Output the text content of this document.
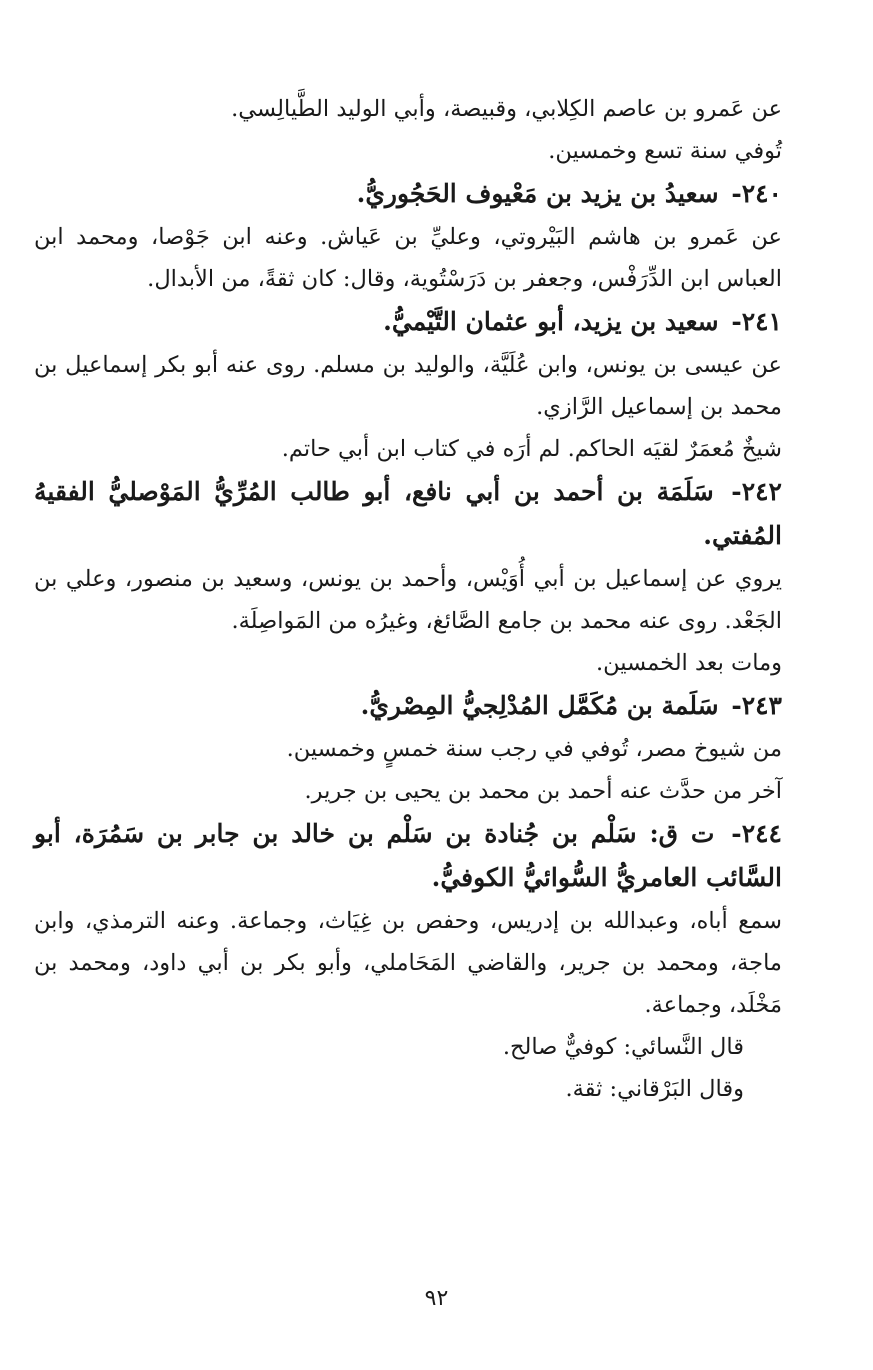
عن عَمرو بن عاصم الكِلابي، وقبيصة، وأبي الوليد الطَّيالِسي.

تُوفي سنة تسع وخمسين.

٢٤٠- سعيدُ بن يزيد بن مَعْيوف الحَجُوريُّ.

عن عَمرو بن هاشم البَيْروتي، وعليِّ بن عَياش. وعنه ابن جَوْصا، ومحمد ابن العباس ابن الدِّرَفْس، وجعفر بن دَرَسْتُوية، وقال: كان ثقةً، من الأبدال.

٢٤١- سعيد بن يزيد، أبو عثمان التَّيْميُّ.

عن عيسى بن يونس، وابن عُلَيَّة، والوليد بن مسلم. روى عنه أبو بكر إسماعيل بن محمد بن إسماعيل الرَّازي.

شيخٌ مُعمَرٌ لقيَه الحاكم. لم أرَه في كتاب ابن أبي حاتم.

٢٤٢- سَلَمَة بن أحمد بن أبي نافع، أبو طالب المُرِّيُّ المَوْصليُّ الفقيهُ المُفتي.

يروي عن إسماعيل بن أبي أُوَيْس، وأحمد بن يونس، وسعيد بن منصور، وعلي بن الجَعْد. روى عنه محمد بن جامع الصَّائغ، وغيرُه من المَواصِلَة.

ومات بعد الخمسين.

٢٤٣- سَلَمة بن مُكَمَّل المُدْلِجيُّ المِصْريُّ.

من شيوخ مصر، تُوفي في رجب سنة خمسٍ وخمسين.

آخر من حدَّث عنه أحمد بن محمد بن يحيى بن جرير.

٢٤٤- ت ق: سَلْم بن جُنادة بن سَلْم بن خالد بن جابر بن سَمُرَة، أبو السَّائب العامريُّ السُّوائيُّ الكوفيُّ.

سمع أباه، وعبدالله بن إدريس، وحفص بن غِيَاث، وجماعة. وعنه الترمذي، وابن ماجة، ومحمد بن جرير، والقاضي المَحَاملي، وأبو بكر بن أبي داود، ومحمد بن مَخْلَد، وجماعة.

قال النَّسائي: كوفيٌّ صالح.

وقال البَرْقاني: ثقة.

٩٢
